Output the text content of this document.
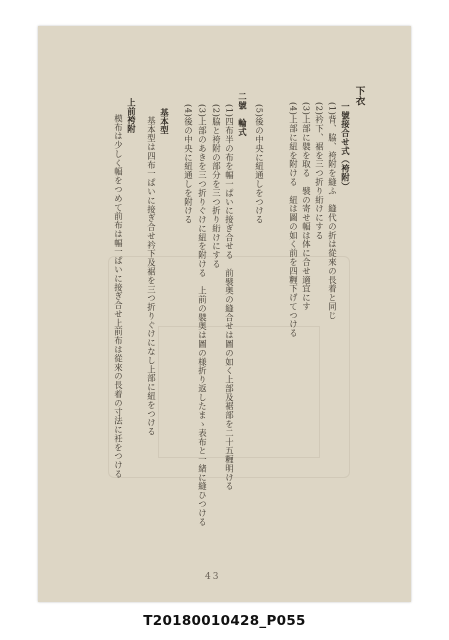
下衣
一號接合せ式（袴附）
(1)背、脇、袴附を縫ふ　縫代の折は從來の長着と同じ
(2)衿下、裾を三つ折り絎けにする
(3)上部に襞を取る　襞の寄せ幅は体に合せ適宜にす
(4)上部に紐を附ける　紐は圖の如く前を四糎下げてつける
(5)後の中央に紐通しをつける
二號　輪式
(1)四布半の布を幅一ぱいに接ぎ合せる　前襞奥の縫合せは圖の如く上部及裾部を二十五糎明ける
(2)脇と袴附の部分を三つ折り絎けにする
(3)上部のあきを三つ折りぐけに紐を附ける　上前の襞奥は圖の様折り返したまゝ表布と一緒に縫ひつける
(4)後の中央に紐通しを附ける
基本型
基本型は四布一ぱいに接ぎ合せ衿下及裾を三つ折りぐけになし上部に紐をつける
上前袴附
模布は少しく幅をつめて前布は幅一ぱいに接ぎ合せ上前布は從來の長着の寸法に衽をつける
43
T20180010428_P055
